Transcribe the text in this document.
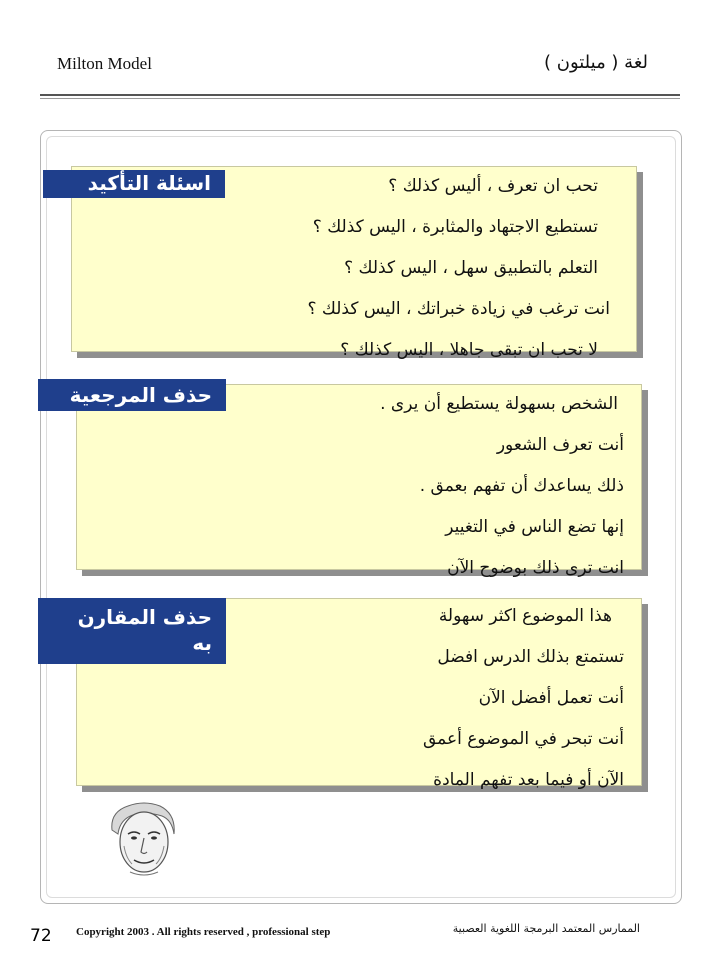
Milton Model	لغة ( ميلتون )
تحب ان تعرف ، أليس كذلك ؟
تستطيع الاجتهاد والمثابرة ، اليس كذلك ؟
التعلم بالتطبيق سهل ، اليس كذلك ؟
انت ترغب في زيادة خبراتك ، اليس كذلك ؟
لا تحب ان تبقى جاهلا ، اليس كذلك ؟
اسئلة التأكيد
الشخص بسهولة يستطيع أن يرى .
أنت تعرف الشعور
ذلك يساعدك أن تفهم بعمق .
إنها تضع الناس في التغيير
انت ترى ذلك بوضوح الآن
حذف المرجعية
هذا الموضوع اكثر سهولة
تستمتع بذلك الدرس افضل
أنت تعمل أفضل الآن
أنت تبحر في الموضوع أعمق
الآن أو فيما بعد تفهم المادة
حذف المقارن
به
72 Copyright 2003 . All rights reserved , professional step	الممارس المعتمد البرمجة اللغوية العصبية
